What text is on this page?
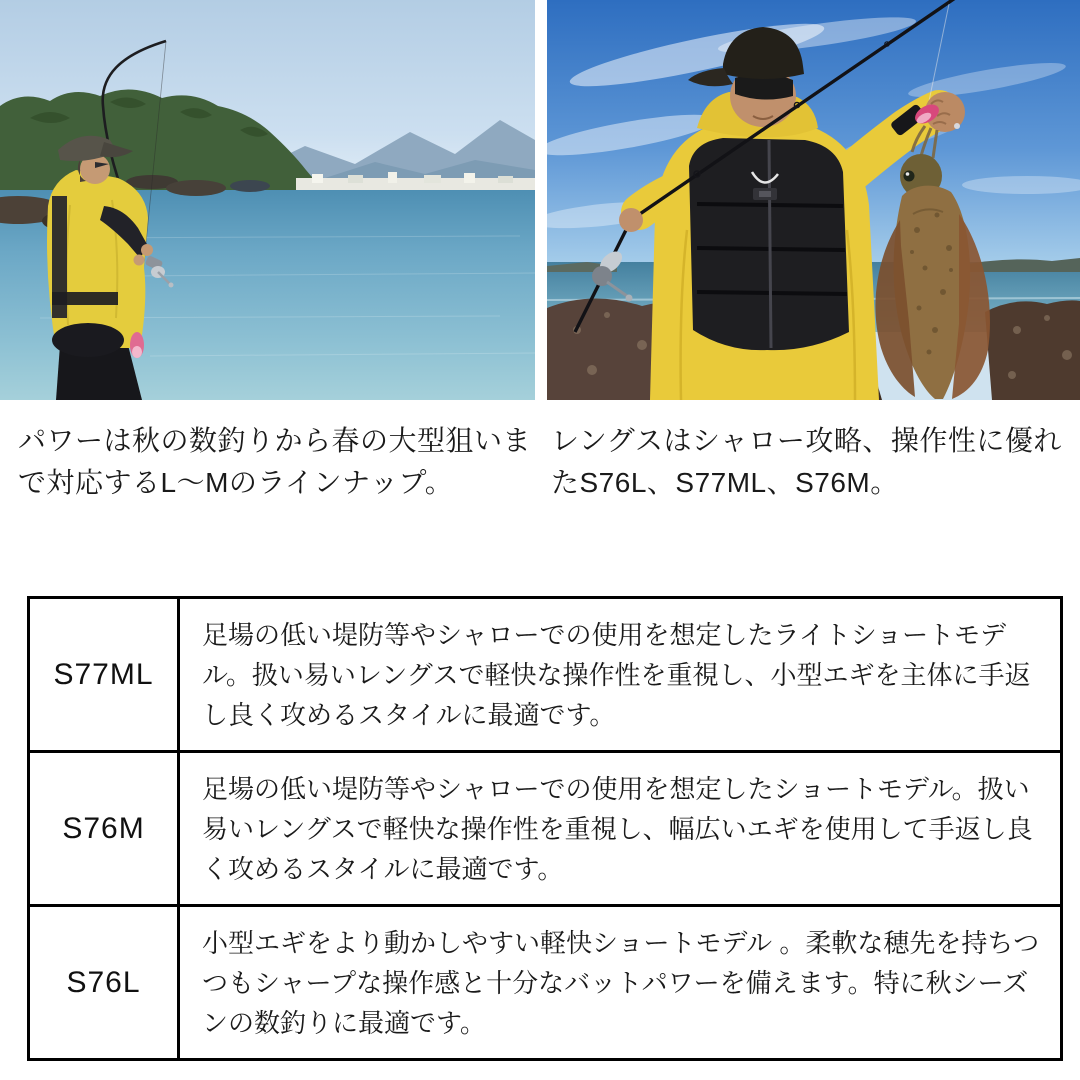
パワーは秋の数釣りから春の大型狙いまで対応するL〜Mのラインナップ。

レングスはシャロー攻略、操作性に優れたS76L、S77ML、S76M。

S77ML	足場の低い堤防等やシャローでの使用を想定したライトショートモデル。扱い易いレングスで軽快な操作性を重視し、小型エギを主体に手返し良く攻めるスタイルに最適です。
S76M	足場の低い堤防等やシャローでの使用を想定したショートモデル。扱い易いレングスで軽快な操作性を重視し、幅広いエギを使用して手返し良く攻めるスタイルに最適です。
S76L	小型エギをより動かしやすい軽快ショートモデル 。柔軟な穂先を持ちつつもシャープな操作感と十分なバットパワーを備えます。特に秋シーズンの数釣りに最適です。
